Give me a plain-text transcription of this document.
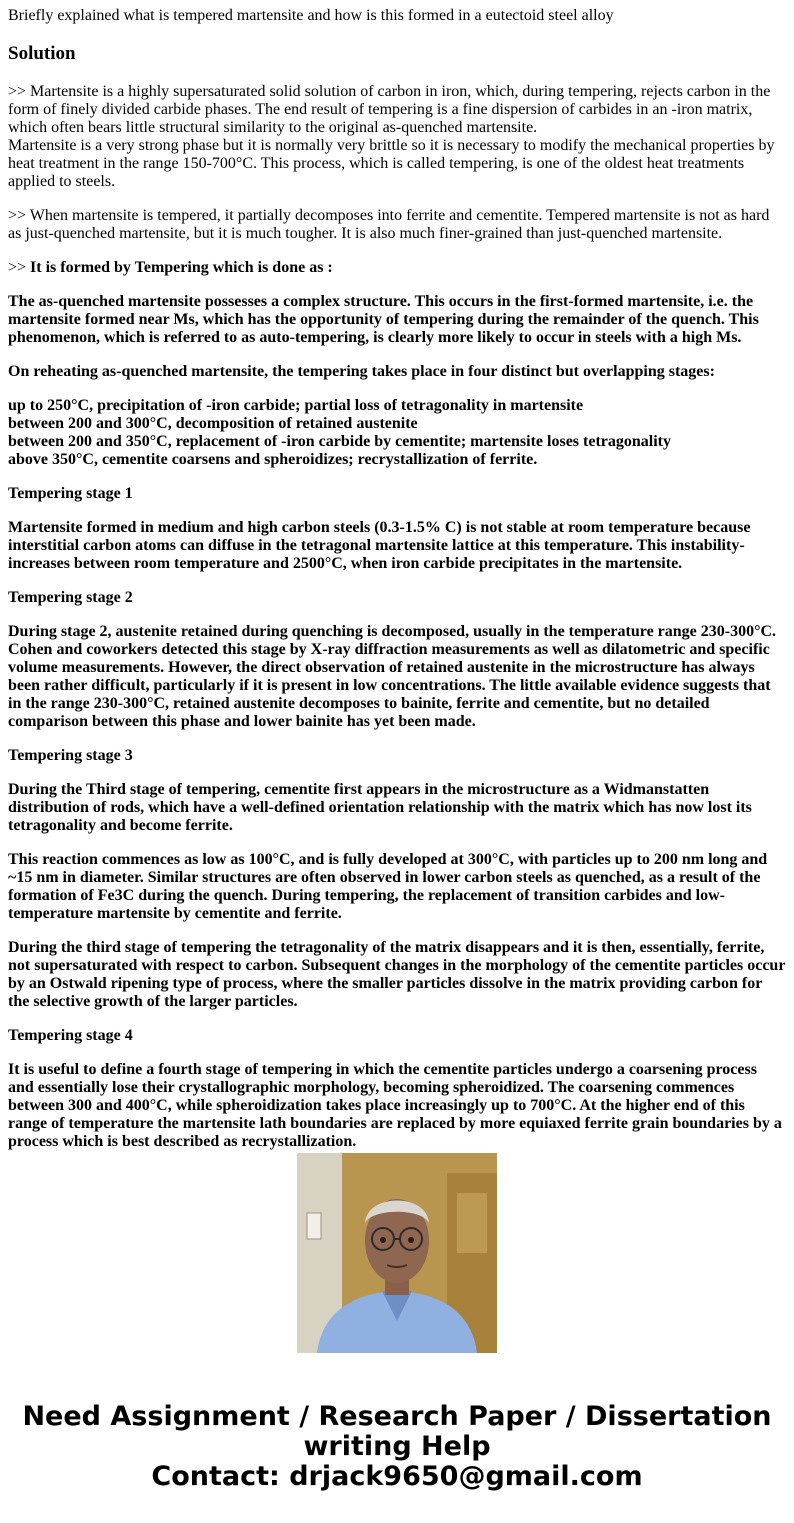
Briefly explained what is tempered martensite and how is this formed in a eutectoid steel alloy
Solution

>> Martensite is a highly supersaturated solid solution of carbon in iron, which, during tempering, rejects carbon in the form of finely divided carbide phases. The end result of tempering is a fine dispersion of carbides in an -iron matrix, which often bears little structural similarity to the original as-quenched martensite.
Martensite is a very strong phase but it is normally very brittle so it is necessary to modify the mechanical properties by heat treatment in the range 150-700°C. This process, which is called tempering, is one of the oldest heat treatments applied to steels.

>> When martensite is tempered, it partially decomposes into ferrite and cementite. Tempered martensite is not as hard as just-quenched martensite, but it is much tougher. It is also much finer-grained than just-quenched martensite.

>> It is formed by Tempering which is done as :

The as-quenched martensite possesses a complex structure. This occurs in the first-formed martensite, i.e. the martensite formed near Ms, which has the opportunity of tempering during the remainder of the quench. This phenomenon, which is referred to as auto-tempering, is clearly more likely to occur in steels with a high Ms.

On reheating as-quenched martensite, the tempering takes place in four distinct but overlapping stages:

up to 250°C, precipitation of -iron carbide; partial loss of tetragonality in martensite
between 200 and 300°C, decomposition of retained austenite
between 200 and 350°C, replacement of -iron carbide by cementite; martensite loses tetragonality
above 350°C, cementite coarsens and spheroidizes; recrystallization of ferrite.

Tempering stage 1

Martensite formed in medium and high carbon steels (0.3-1.5% C) is not stable at room temperature because interstitial carbon atoms can diffuse in the tetragonal martensite lattice at this temperature. This instability-increases between room temperature and 2500°C, when iron carbide precipitates in the martensite.

Tempering stage 2

During stage 2, austenite retained during quenching is decomposed, usually in the temperature range 230-300°C. Cohen and coworkers detected this stage by X-ray diffraction measurements as well as dilatometric and specific volume measurements. However, the direct observation of retained austenite in the microstructure has always been rather difficult, particularly if it is present in low concentrations. The little available evidence suggests that in the range 230-300°C, retained austenite decomposes to bainite, ferrite and cementite, but no detailed comparison between this phase and lower bainite has yet been made.

Tempering stage 3

During the Third stage of tempering, cementite first appears in the microstructure as a Widmanstatten distribution of rods, which have a well-defined orientation relationship with the matrix which has now lost its tetragonality and become ferrite.

This reaction commences as low as 100°C, and is fully developed at 300°C, with particles up to 200 nm long and ~15 nm in diameter. Similar structures are often observed in lower carbon steels as quenched, as a result of the formation of Fe3C during the quench. During tempering, the replacement of transition carbides and low-temperature martensite by cementite and ferrite.

During the third stage of tempering the tetragonality of the matrix disappears and it is then, essentially, ferrite, not supersaturated with respect to carbon. Subsequent changes in the morphology of the cementite particles occur by an Ostwald ripening type of process, where the smaller particles dissolve in the matrix providing carbon for the selective growth of the larger particles.

Tempering stage 4

It is useful to define a fourth stage of tempering in which the cementite particles undergo a coarsening process and essentially lose their crystallographic morphology, becoming spheroidized. The coarsening commences between 300 and 400°C, while spheroidization takes place increasingly up to 700°C. At the higher end of this range of temperature the martensite lath boundaries are replaced by more equiaxed ferrite grain boundaries by a process which is best described as recrystallization.

Need Assignment / Research Paper / Dissertation
writing Help
Contact: drjack9650@gmail.com
